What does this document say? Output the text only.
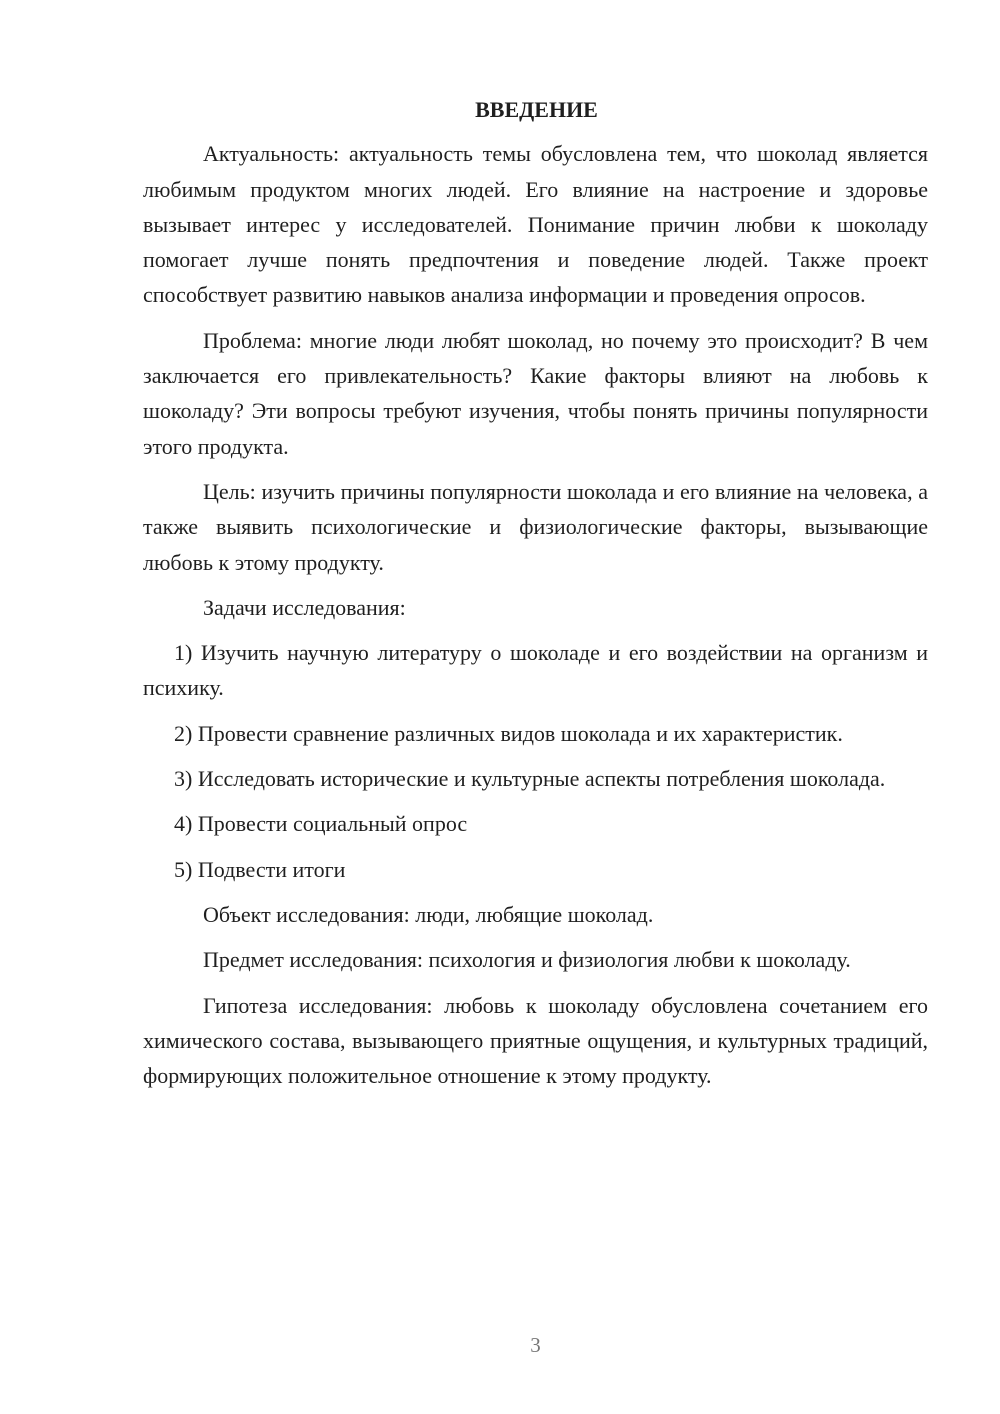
ВВЕДЕНИЕ

Актуальность: актуальность темы обусловлена тем, что шоколад является любимым продуктом многих людей. Его влияние на настроение и здоровье вызывает интерес у исследователей. Понимание причин любви к шоколаду помогает лучше понять предпочтения и поведение людей. Также проект способствует развитию навыков анализа информации и проведения опросов.

Проблема: многие люди любят шоколад, но почему это происходит? В чем заключается его привлекательность? Какие факторы влияют на любовь к шоколаду? Эти вопросы требуют изучения, чтобы понять причины популярности этого продукта.

Цель: изучить причины популярности шоколада и его влияние на человека, а также выявить психологические и физиологические факторы, вызывающие любовь к этому продукту.

Задачи исследования:

1) Изучить научную литературу о шоколаде и его воздействии на организм и психику.

2) Провести сравнение различных видов шоколада и их характеристик.

3) Исследовать исторические и культурные аспекты потребления шоколада.

4) Провести социальный опрос

5) Подвести итоги

Объект исследования: люди, любящие шоколад.

Предмет исследования: психология и физиология любви к шоколаду.

Гипотеза исследования: любовь к шоколаду обусловлена сочетанием его химического состава, вызывающего приятные ощущения, и культурных традиций, формирующих положительное отношение к этому продукту.

3
